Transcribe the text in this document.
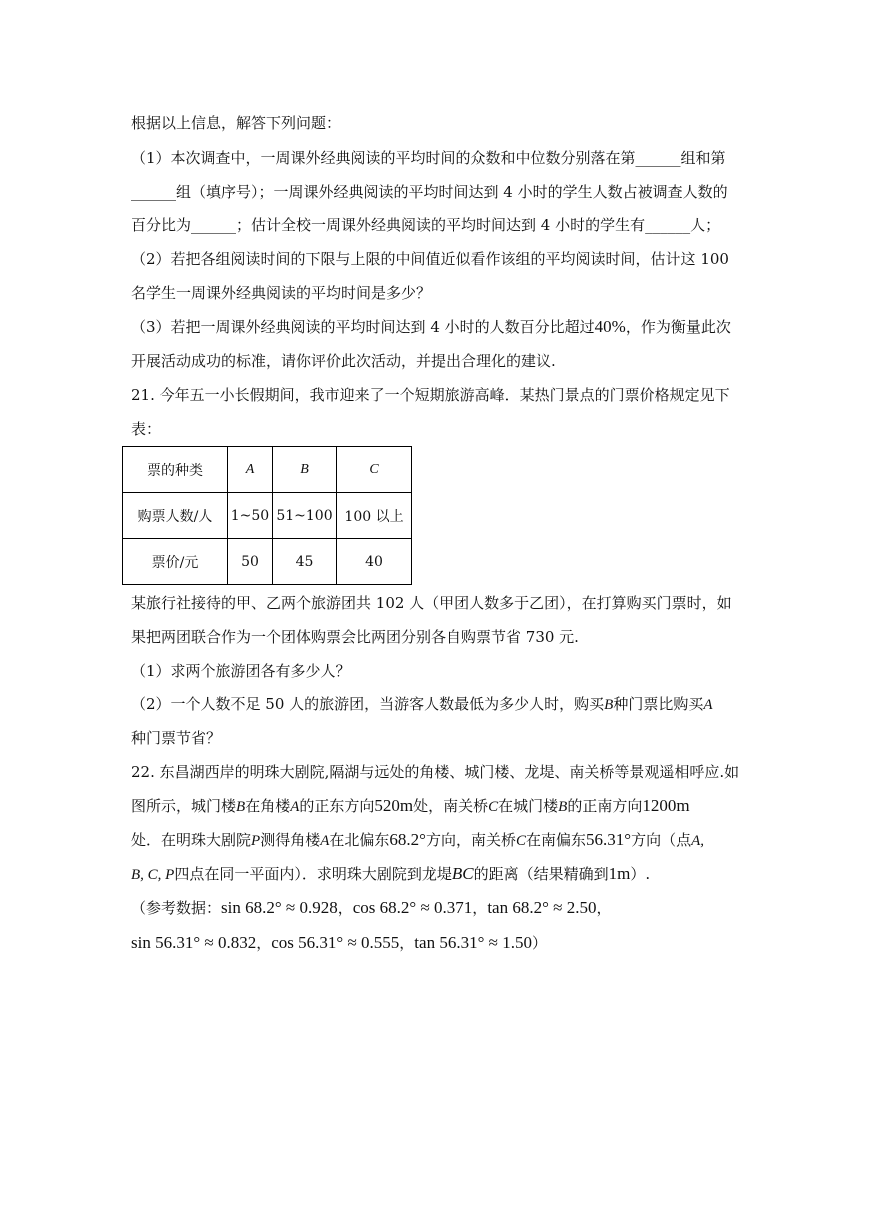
根据以上信息，解答下列问题：
（1）本次调查中，一周课外经典阅读的平均时间的众数和中位数分别落在第______组和第
______组（填序号）；一周课外经典阅读的平均时间达到 4 小时的学生人数占被调查人数的
百分比为______；估计全校一周课外经典阅读的平均时间达到 4 小时的学生有______人；
（2）若把各组阅读时间的下限与上限的中间值近似看作该组的平均阅读时间，估计这 100
名学生一周课外经典阅读的平均时间是多少？
（3）若把一周课外经典阅读的平均时间达到 4 小时的人数百分比超过40%，作为衡量此次
开展活动成功的标准，请你评价此次活动，并提出合理化的建议.
21. 今年五一小长假期间，我市迎来了一个短期旅游高峰．某热门景点的门票价格规定见下
表：
票的种类	A	B	C
购票人数/人	1~50	51~100	100 以上
票价/元	50	45	40
某旅行社接待的甲、乙两个旅游团共 102 人（甲团人数多于乙团），在打算购买门票时，如
果把两团联合作为一个团体购票会比两团分别各自购票节省 730 元.
（1）求两个旅游团各有多少人？
（2）一个人数不足 50 人的旅游团，当游客人数最低为多少人时，购买B种门票比购买A
种门票节省？
22. 东昌湖西岸的明珠大剧院,隔湖与远处的角楼、城门楼、龙堤、南关桥等景观遥相呼应.如
图所示，城门楼B在角楼A的正东方向520m处，南关桥C在城门楼B的正南方向1200m
处．在明珠大剧院P测得角楼A在北偏东68.2°方向，南关桥C在南偏东56.31°方向（点A,
B, C, P四点在同一平面内）．求明珠大剧院到龙堤BC的距离（结果精确到1m）.
（参考数据：sin 68.2° ≈ 0.928，cos 68.2° ≈ 0.371，tan 68.2° ≈ 2.50，
sin 56.31° ≈ 0.832，cos 56.31° ≈ 0.555，tan 56.31° ≈ 1.50）
